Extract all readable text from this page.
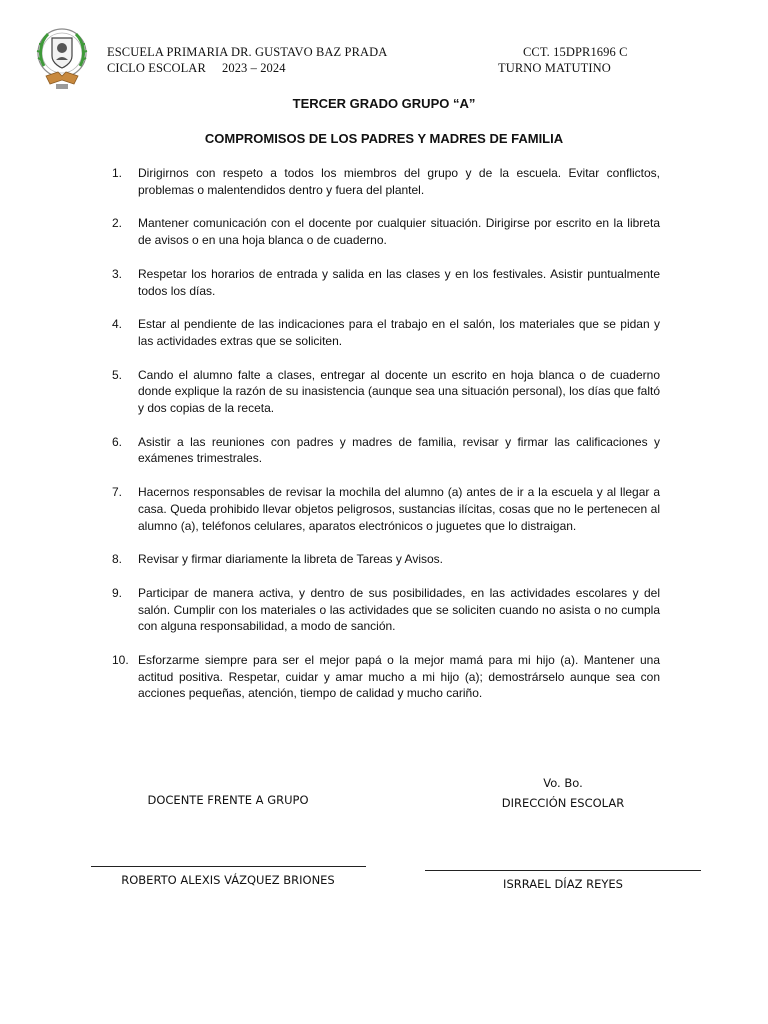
ESCUELA PRIMARIA DR. GUSTAVO BAZ PRADA	CCT. 15DPR1696 C
CICLO ESCOLAR 2023 – 2024	TURNO MATUTINO
TERCER GRADO GRUPO “A”
COMPROMISOS DE LOS PADRES Y MADRES DE FAMILIA
1. Dirigirnos con respeto a todos los miembros del grupo y de la escuela. Evitar conflictos, problemas o malentendidos dentro y fuera del plantel.
2. Mantener comunicación con el docente por cualquier situación. Dirigirse por escrito en la libreta de avisos o en una hoja blanca o de cuaderno.
3. Respetar los horarios de entrada y salida en las clases y en los festivales. Asistir puntualmente todos los días.
4. Estar al pendiente de las indicaciones para el trabajo en el salón, los materiales que se pidan y las actividades extras que se soliciten.
5. Cando el alumno falte a clases, entregar al docente un escrito en hoja blanca o de cuaderno donde explique la razón de su inasistencia (aunque sea una situación personal), los días que faltó y dos copias de la receta.
6. Asistir a las reuniones con padres y madres de familia, revisar y firmar las calificaciones y exámenes trimestrales.
7. Hacernos responsables de revisar la mochila del alumno (a) antes de ir a la escuela y al llegar a casa. Queda prohibido llevar objetos peligrosos, sustancias ilícitas, cosas que no le pertenecen al alumno (a), teléfonos celulares, aparatos electrónicos o juguetes que lo distraigan.
8. Revisar y firmar diariamente la libreta de Tareas y Avisos.
9. Participar de manera activa, y dentro de sus posibilidades, en las actividades escolares y del salón. Cumplir con los materiales o las actividades que se soliciten cuando no asista o no cumpla con alguna responsabilidad, a modo de sanción.
10. Esforzarme siempre para ser el mejor papá o la mejor mamá para mi hijo (a). Mantener una actitud positiva. Respetar, cuidar y amar mucho a mi hijo (a); demostrárselo aunque sea con acciones pequeñas, atención, tiempo de calidad y mucho cariño.
DOCENTE FRENTE A GRUPO
Vo. Bo.
DIRECCIÓN ESCOLAR
ROBERTO ALEXIS VÁZQUEZ BRIONES	ISRRAEL DÍAZ REYES
